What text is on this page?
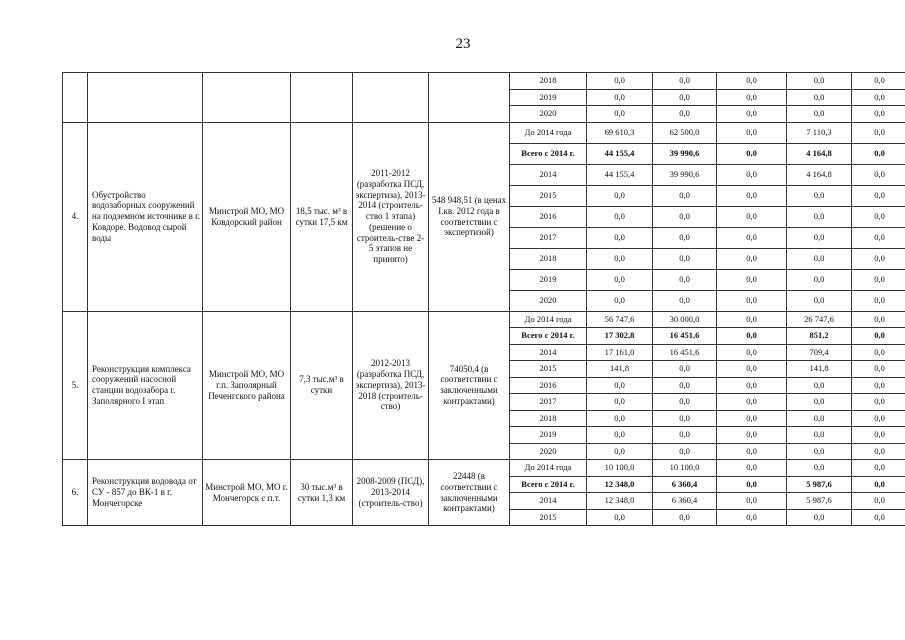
23
						2018	0,0	0,0	0,0	0,0	0,0
						2019	0,0	0,0	0,0	0,0	0,0
						2020	0,0	0,0	0,0	0,0	0,0
4.	Обустройство водозаборных сооружений на подземном источнике в г. Ковдоре. Водовод сырой воды	Минстрой МО, МО Ковдорский район	18,5 тыс. м³ в сутки 17,5 км	2011-2012 (разработка ПСД, экспертиза), 2013-2014 (строитель-ство 1 этапа) (решение о строитель-стве 2-5 этапов не принято)	548 948,51 (в ценах I.кв. 2012 года в соответствии с экспертизой)	До 2014 года	69 610,3	62 500,0	0,0	7 110,3	0,0
						Всего с 2014 г.	44 155,4	39 990,6	0,0	4 164,8	0,0
						2014	44 155,4	39 990,6	0,0	4 164,8	0,0
						2015	0,0	0,0	0,0	0,0	0,0
						2016	0,0	0,0	0,0	0,0	0,0
						2017	0,0	0,0	0,0	0,0	0,0
						2018	0,0	0,0	0,0	0,0	0,0
						2019	0,0	0,0	0,0	0,0	0,0
						2020	0,0	0,0	0,0	0,0	0,0
5.	Реконструкция комплекса сооружений насосной станции водозабора г. Заполярного I этап	Минстрой МО, МО г.п. Заполярный Печенгского района	7,3 тыс.м³ в сутки	2012-2013 (разработка ПСД, экспертиза), 2013-2018 (строитель-ство)	74050,4 (в соответствии с заключенными контрактами)	До 2014 года	56 747,6	30 000,0	0,0	26 747,6	0,0
						Всего с 2014 г.	17 302,8	16 451,6	0,0	851,2	0,0
						2014	17 161,0	16 451,6	0,0	709,4	0,0
						2015	141,8	0,0	0,0	141,8	0,0
						2016	0,0	0,0	0,0	0,0	0,0
						2017	0,0	0,0	0,0	0,0	0,0
						2018	0,0	0,0	0,0	0,0	0,0
						2019	0,0	0,0	0,0	0,0	0,0
						2020	0,0	0,0	0,0	0,0	0,0
6.	Реконструкция водовода от СУ - 857 до ВК-1 в г. Мончегорске	Минстрой МО, МО г. Мончегорск с п.т.	30 тыс.м³ в сутки 1,3 км	2008-2009 (ПСД), 2013-2014 (строитель-ство)	22448 (в соответствии с заключенными контрактами)	До 2014 года	10 100,0	10 100,0	0,0	0,0	0,0
						Всего с 2014 г.	12 348,0	6 360,4	0,0	5 987,6	0,0
						2014	12 348,0	6 360,4	0,0	5 987,6	0,0
						2015	0,0	0,0	0,0	0,0	0,0
